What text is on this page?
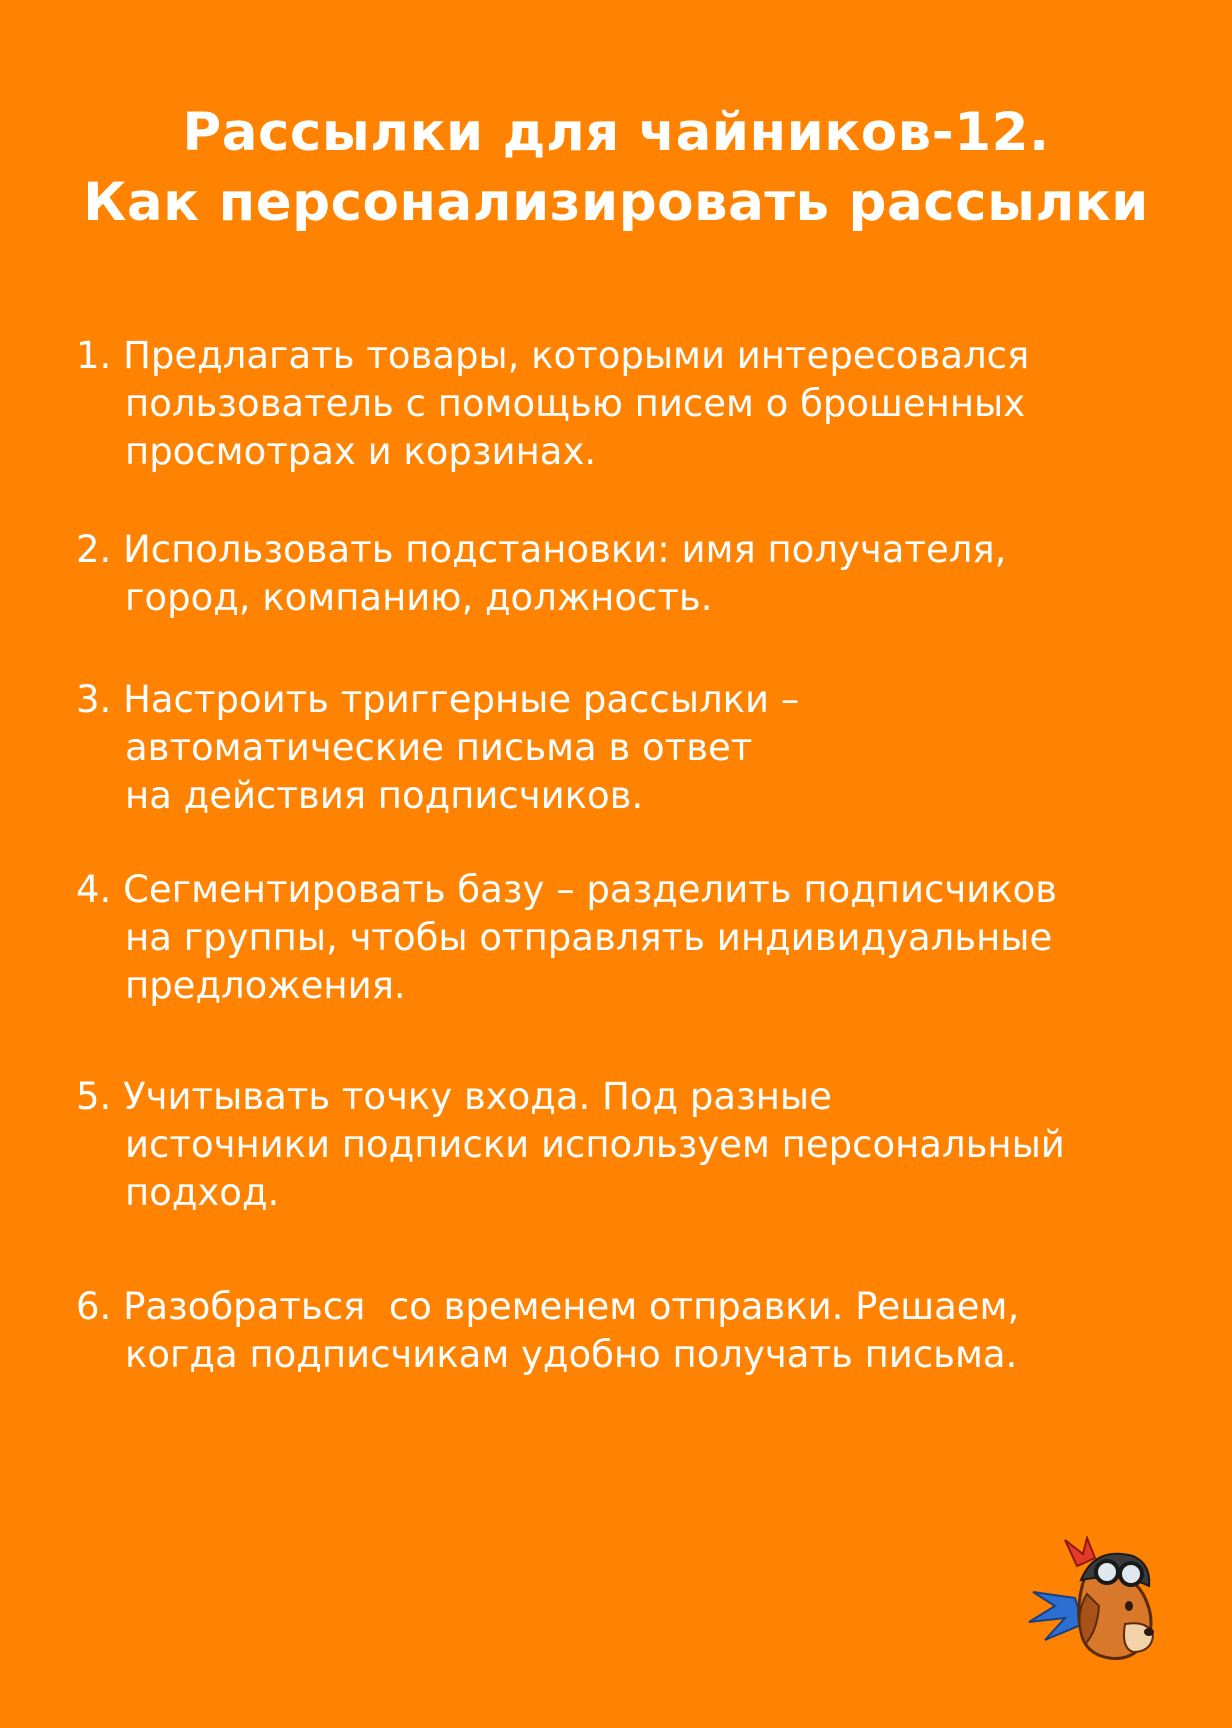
Рассылки для чайников-12.
Как персонализировать рассылки
1. Предлагать товары, которыми интересовался
пользователь с помощью писем о брошенных
просмотрах и корзинах.
2. Использовать подстановки: имя получателя,
город, компанию, должность.
3. Настроить триггерные рассылки –
автоматические письма в ответ
на действия подписчиков.
4. Сегментировать базу – разделить подписчиков
на группы, чтобы отправлять индивидуальные
предложения.
5. Учитывать точку входа. Под разные
источники подписки используем персональный
подход.
6. Разобраться  со временем отправки. Решаем,
когда подписчикам удобно получать письма.
